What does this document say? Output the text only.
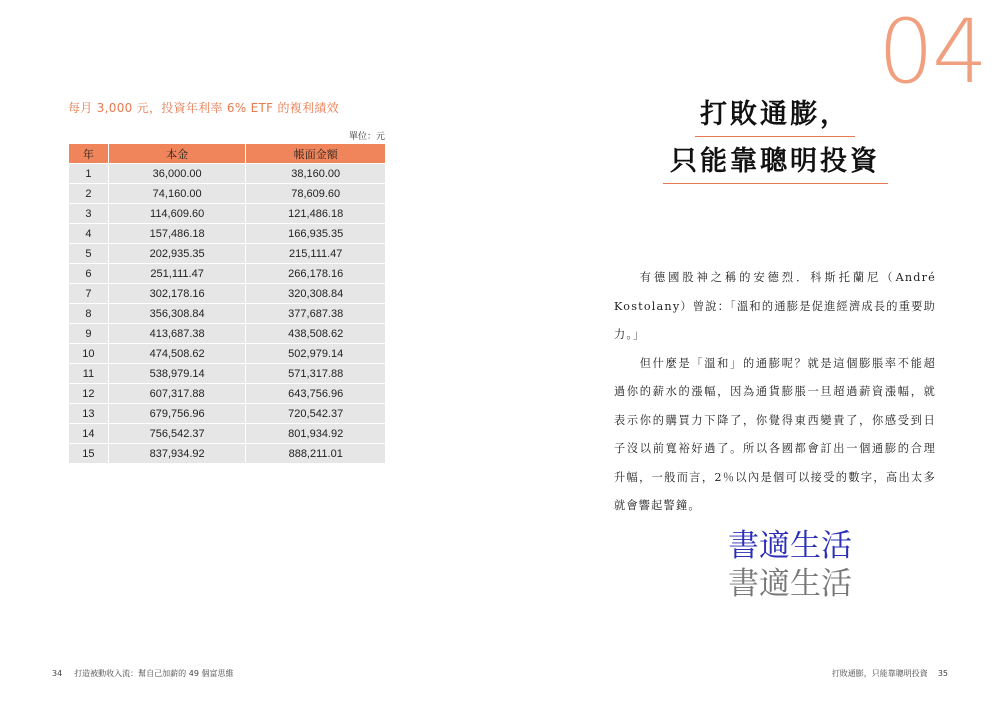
每月 3,000 元，投資年利率 6% ETF 的複利績效
單位：元
年	本金	帳面金額
1	36,000.00	38,160.00
2	74,160.00	78,609.60
3	114,609.60	121,486.18
4	157,486.18	166,935.35
5	202,935.35	215,111.47
6	251,111.47	266,178.16
7	302,178.16	320,308.84
8	356,308.84	377,687.38
9	413,687.38	438,508.62
10	474,508.62	502,979.14
11	538,979.14	571,317.88
12	607,317.88	643,756.96
13	679,756.96	720,542.37
14	756,542.37	801,934.92
15	837,934.92	888,211.01
34 打造被動收入流：幫自己加薪的 49 個富思維
04
打敗通膨，
只能靠聰明投資

有德國股神之稱的安德烈．科斯托蘭尼（André Kostolany）曾說：「溫和的通膨是促進經濟成長的重要助力。」

但什麼是「溫和」的通膨呢？就是這個膨脹率不能超過你的薪水的漲幅，因為通貨膨脹一旦超過薪資漲幅，就表示你的購買力下降了，你覺得東西變貴了，你感受到日子沒以前寬裕好過了。所以各國都會訂出一個通膨的合理升幅，一般而言，2％以內是個可以接受的數字，高出太多就會響起警鐘。

書適生活
書適生活
打敗通膨，只能靠聰明投資 35
